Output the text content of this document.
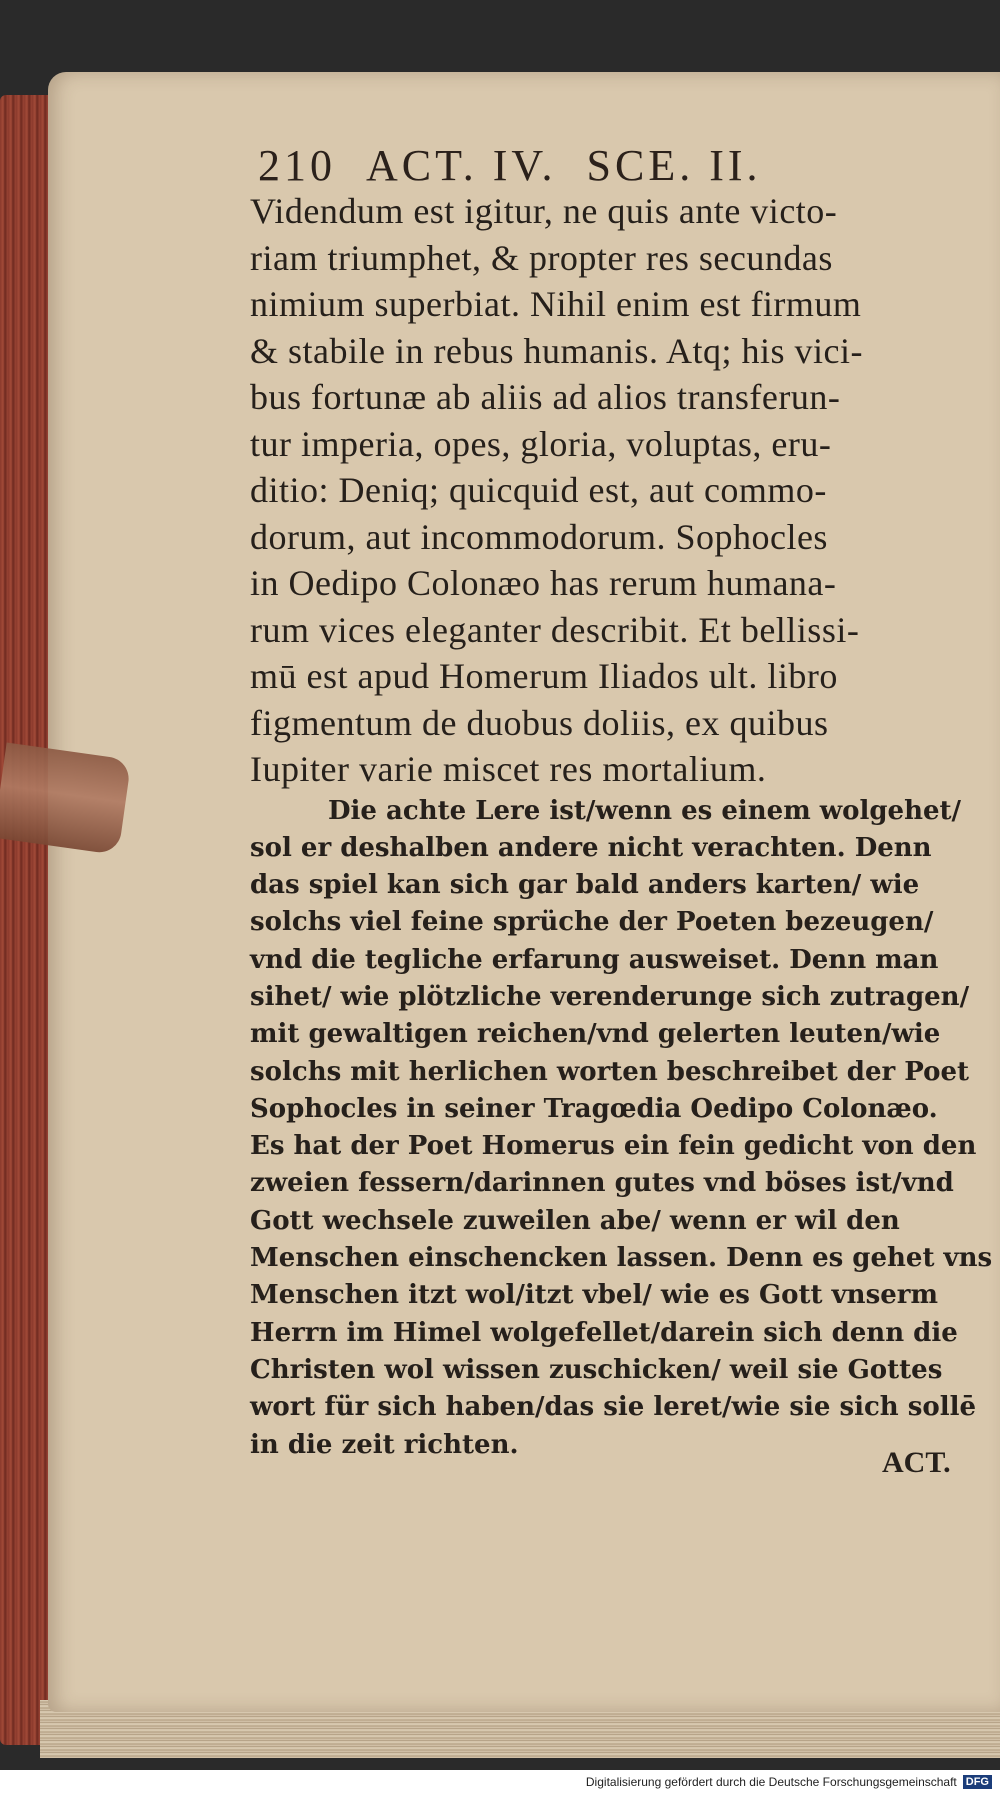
210 ACT. IV. SCE. II.
Videndum est igitur, ne quis ante victo-
riam triumphet, & propter res secundas
nimium superbiat. Nihil enim est firmum
& stabile in rebus humanis. Atq; his vici-
bus fortunæ ab aliis ad alios transferun-
tur imperia, opes, gloria, voluptas, eru-
ditio: Deniq; quicquid est, aut commo-
dorum, aut incommodorum. Sophocles
in Oedipo Colonæo has rerum humana-
rum vices eleganter describit. Et bellissi-
mū est apud Homerum Iliados ult. libro
figmentum de duobus doliis, ex quibus
Iupiter varie miscet res mortalium.
Die achte Lere ist/wenn es einem wolgehet/
sol er deshalben andere nicht verachten. Denn
das spiel kan sich gar bald anders karten/ wie
solchs viel feine sprüche der Poeten bezeugen/
vnd die tegliche erfarung ausweiset. Denn man
sihet/ wie plötzliche verenderunge sich zutragen/
mit gewaltigen reichen/vnd gelerten leuten/wie
solchs mit herlichen worten beschreibet der Poet
Sophocles in seiner Tragœdia Oedipo Colonæo.
Es hat der Poet Homerus ein fein gedicht von den
zweien fessern/darinnen gutes vnd böses ist/vnd
Gott wechsele zuweilen abe/ wenn er wil den
Menschen einschencken lassen. Denn es gehet vns
Menschen itzt wol/itzt vbel/ wie es Gott vnserm
Herrn im Himel wolgefellet/darein sich denn die
Christen wol wissen zuschicken/ weil sie Gottes
wort für sich haben/das sie leret/wie sie sich sollē
in die zeit richten.
ACT.
Digitalisierung gefördert durch die Deutsche Forschungsgemeinschaft DFG
